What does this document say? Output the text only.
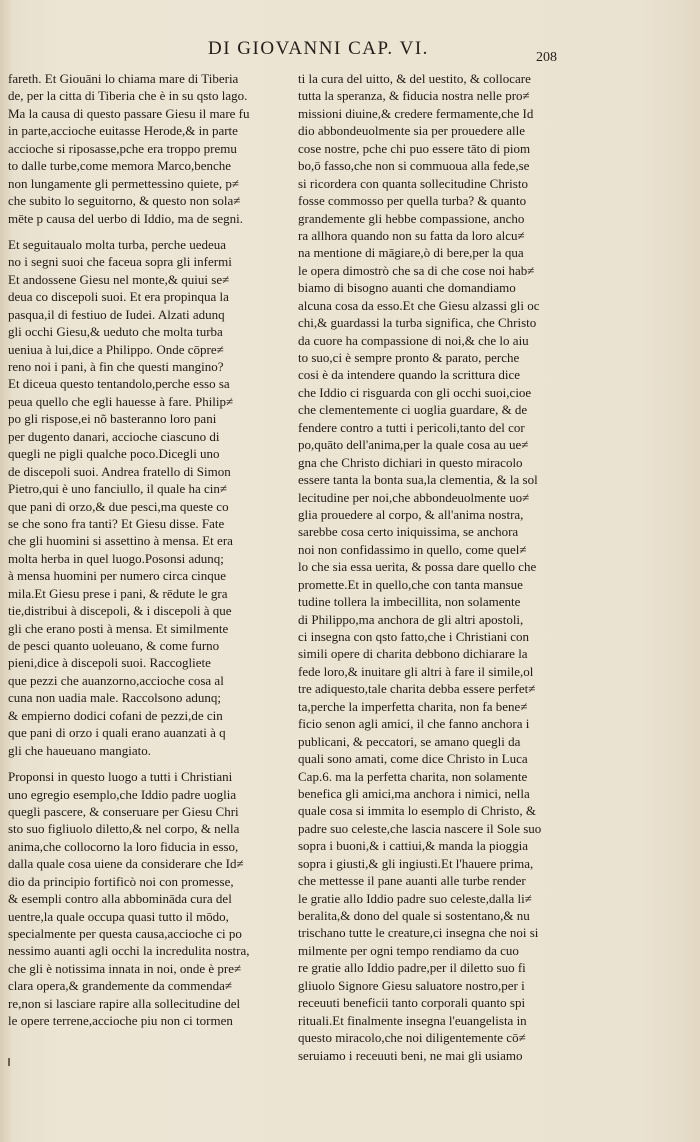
DI GIOVANNI CAP. VI.	208
fareth. Et Giouāni lo chiama mare di Tiberia
de, per la citta di Tiberia che è in su qsto lago.
Ma la causa di questo passare Giesu il mare fu
in parte,accioche euitasse Herode,& in parte
accioche si riposasse,pche era troppo premu
to dalle turbe,come memora Marco,benche
non lungamente gli permettessino quiete, p≠
che subito lo seguitorno, & questo non sola≠
mēte p causa del uerbo di Iddio, ma de segni.
Et seguitaualo molta turba, perche uedeua
no i segni suoi che faceua sopra gli infermi
Et andossene Giesu nel monte,& quiui se≠
deua co discepoli suoi. Et era propinqua la
pasqua,il di festiuo de Iudei. Alzati adunq
gli occhi Giesu,& ueduto che molta turba
ueniua à lui,dice a Philippo. Onde cōpre≠
reno noi i pani, à fin che questi mangino?
Et diceua questo tentandolo,perche esso sa
peua quello che egli hauesse à fare. Philip≠
po gli rispose,ei nõ basteranno loro pani
per dugento danari, accioche ciascuno di
quegli ne pigli qualche poco.Dicegli uno
de discepoli suoi. Andrea fratello di Simon
Pietro,qui è uno fanciullo, il quale ha cin≠
que pani di orzo,& due pesci,ma queste co
se che sono fra tanti? Et Giesu disse. Fate
che gli huomini si assettino à mensa. Et era
molta herba in quel luogo.Posonsi adunq;
à mensa huomini per numero circa cinque
mila.Et Giesu prese i pani, & rēdute le gra
tie,distribui à discepoli, & i discepoli à que
gli che erano posti à mensa. Et similmente
de pesci quanto uoleuano, & come furno
pieni,dice à discepoli suoi. Raccogliete
que pezzi che auanzorno,accioche cosa al
cuna non uadia male. Raccolsono adunq;
& empierno dodici cofani de pezzi,de cin
que pani di orzo i quali erano auanzati à q
gli che haueuano mangiato.
Proponsi in questo luogo a tutti i Christiani
uno egregio esemplo,che Iddio padre uoglia
quegli pascere, & conseruare per Giesu Chri
sto suo figliuolo diletto,& nel corpo, & nella
anima,che collocorno la loro fiducia in esso,
dalla quale cosa uiene da considerare che Id≠
dio da principio fortificò noi con promesse,
& esempli contro alla abbomināda cura del
uentre,la quale occupa quasi tutto il mōdo,
specialmente per questa causa,accioche ci po
nessimo auanti agli occhi la incredulita nostra,
che gli è notissima innata in noi, onde è pre≠
clara opera,& grandemente da commenda≠
re,non si lasciare rapire alla sollecitudine del
le opere terrene,accioche piu non ci tormen
ti la cura del uitto, & del uestito, & collocare
tutta la speranza, & fiducia nostra nelle pro≠
missioni diuine,& credere fermamente,che Id
dio abbondeuolmente sia per prouedere alle
cose nostre, pche chi puo essere tāto di piom
bo,ō fasso,che non si commuoua alla fede,se
si ricordera con quanta sollecitudine Christo
fosse commosso per quella turba? & quanto
grandemente gli hebbe compassione, ancho
ra allhora quando non su fatta da loro alcu≠
na mentione di māgiare,ò di bere,per la qua
le opera dimostrò che sa di che cose noi hab≠
biamo di bisogno auanti che domandiamo
alcuna cosa da esso.Et che Giesu alzassi gli oc
chi,& guardassi la turba significa, che Christo
da cuore ha compassione di noi,& che lo aiu
to suo,ci è sempre pronto & parato, perche
cosi è da intendere quando la scrittura dice
che Iddio ci risguarda con gli occhi suoi,cioe
che clementemente ci uoglia guardare, & de
fendere contro a tutti i pericoli,tanto del cor
po,quāto dell'anima,per la quale cosa au ue≠
gna che Christo dichiari in questo miracolo
essere tanta la bonta sua,la clementia, & la sol
lecitudine per noi,che abbondeuolmente uo≠
glia prouedere al corpo, & all'anima nostra,
sarebbe cosa certo iniquissima, se anchora
noi non confidassimo in quello, come quel≠
lo che sia essa uerita, & possa dare quello che
promette.Et in quello,che con tanta mansue
tudine tollera la imbecillita, non solamente
di Philippo,ma anchora de gli altri apostoli,
ci insegna con qsto fatto,che i Christiani con
simili opere di charita debbono dichiarare la
fede loro,& inuitare gli altri à fare il simile,ol
tre adiquesto,tale charita debba essere perfet≠
ta,perche la imperfetta charita, non fa bene≠
ficio senon agli amici, il che fanno anchora i
publicani, & peccatori, se amano quegli da
quali sono amati, come dice Christo in Luca
Cap.6. ma la perfetta charita, non solamente
benefica gli amici,ma anchora i nimici, nella
quale cosa si immita lo esemplo di Christo, &
padre suo celeste,che lascia nascere il Sole suo
sopra i buoni,& i cattiui,& manda la pioggia
sopra i giusti,& gli ingiusti.Et l'hauere prima,
che mettesse il pane auanti alle turbe render
le gratie allo Iddio padre suo celeste,dalla li≠
beralita,& dono del quale si sostentano,& nu
trischano tutte le creature,ci insegna che noi si
milmente per ogni tempo rendiamo da cuo
re gratie allo Iddio padre,per il diletto suo fi
gliuolo Signore Giesu saluatore nostro,per i
receuuti beneficii tanto corporali quanto spi
rituali.Et finalmente insegna l'euangelista in
questo miracolo,che noi diligentemente cō≠
seruiamo i receuuti beni, ne mai gli usiamo
